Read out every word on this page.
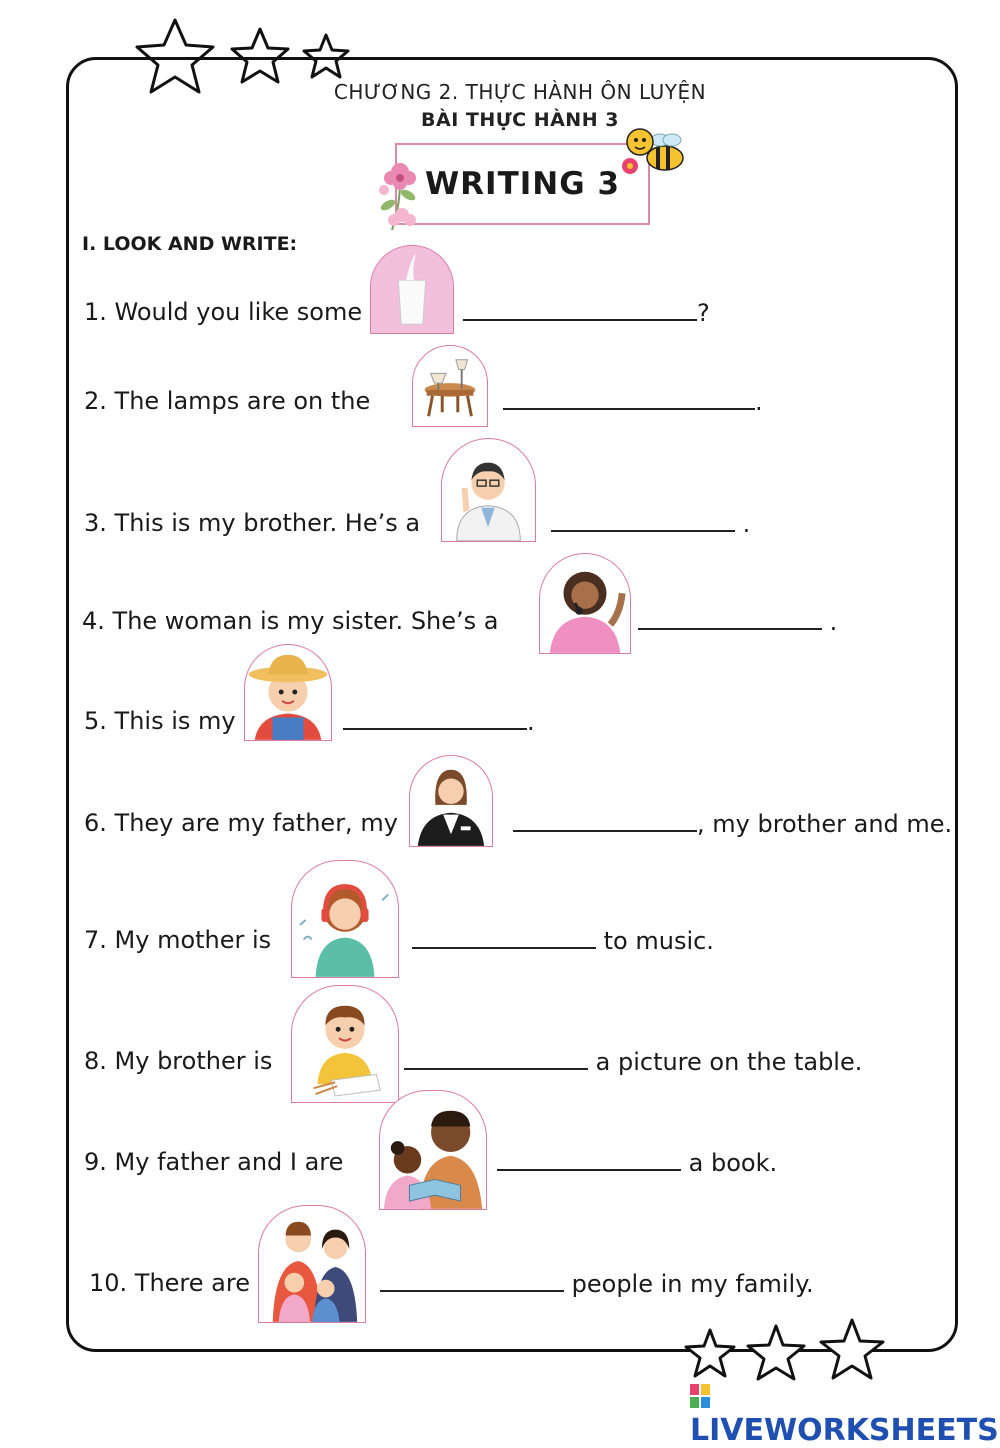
CHƯƠNG 2. THỰC HÀNH ÔN LUYỆN
BÀI THỰC HÀNH 3
WRITING 3
I. LOOK AND WRITE:
1. Would you like some	?
2. The lamps are on the	.
3. This is my brother. He’s a	.
4. The woman is my sister. She’s a	.
5. This is my	.
6. They are my father, my	, my brother and me.
7. My mother is	to music.
8. My brother is	a picture on the table.
9. My father and I are	a book.
10. There are	people in my family.
LIVEWORKSHEETS
